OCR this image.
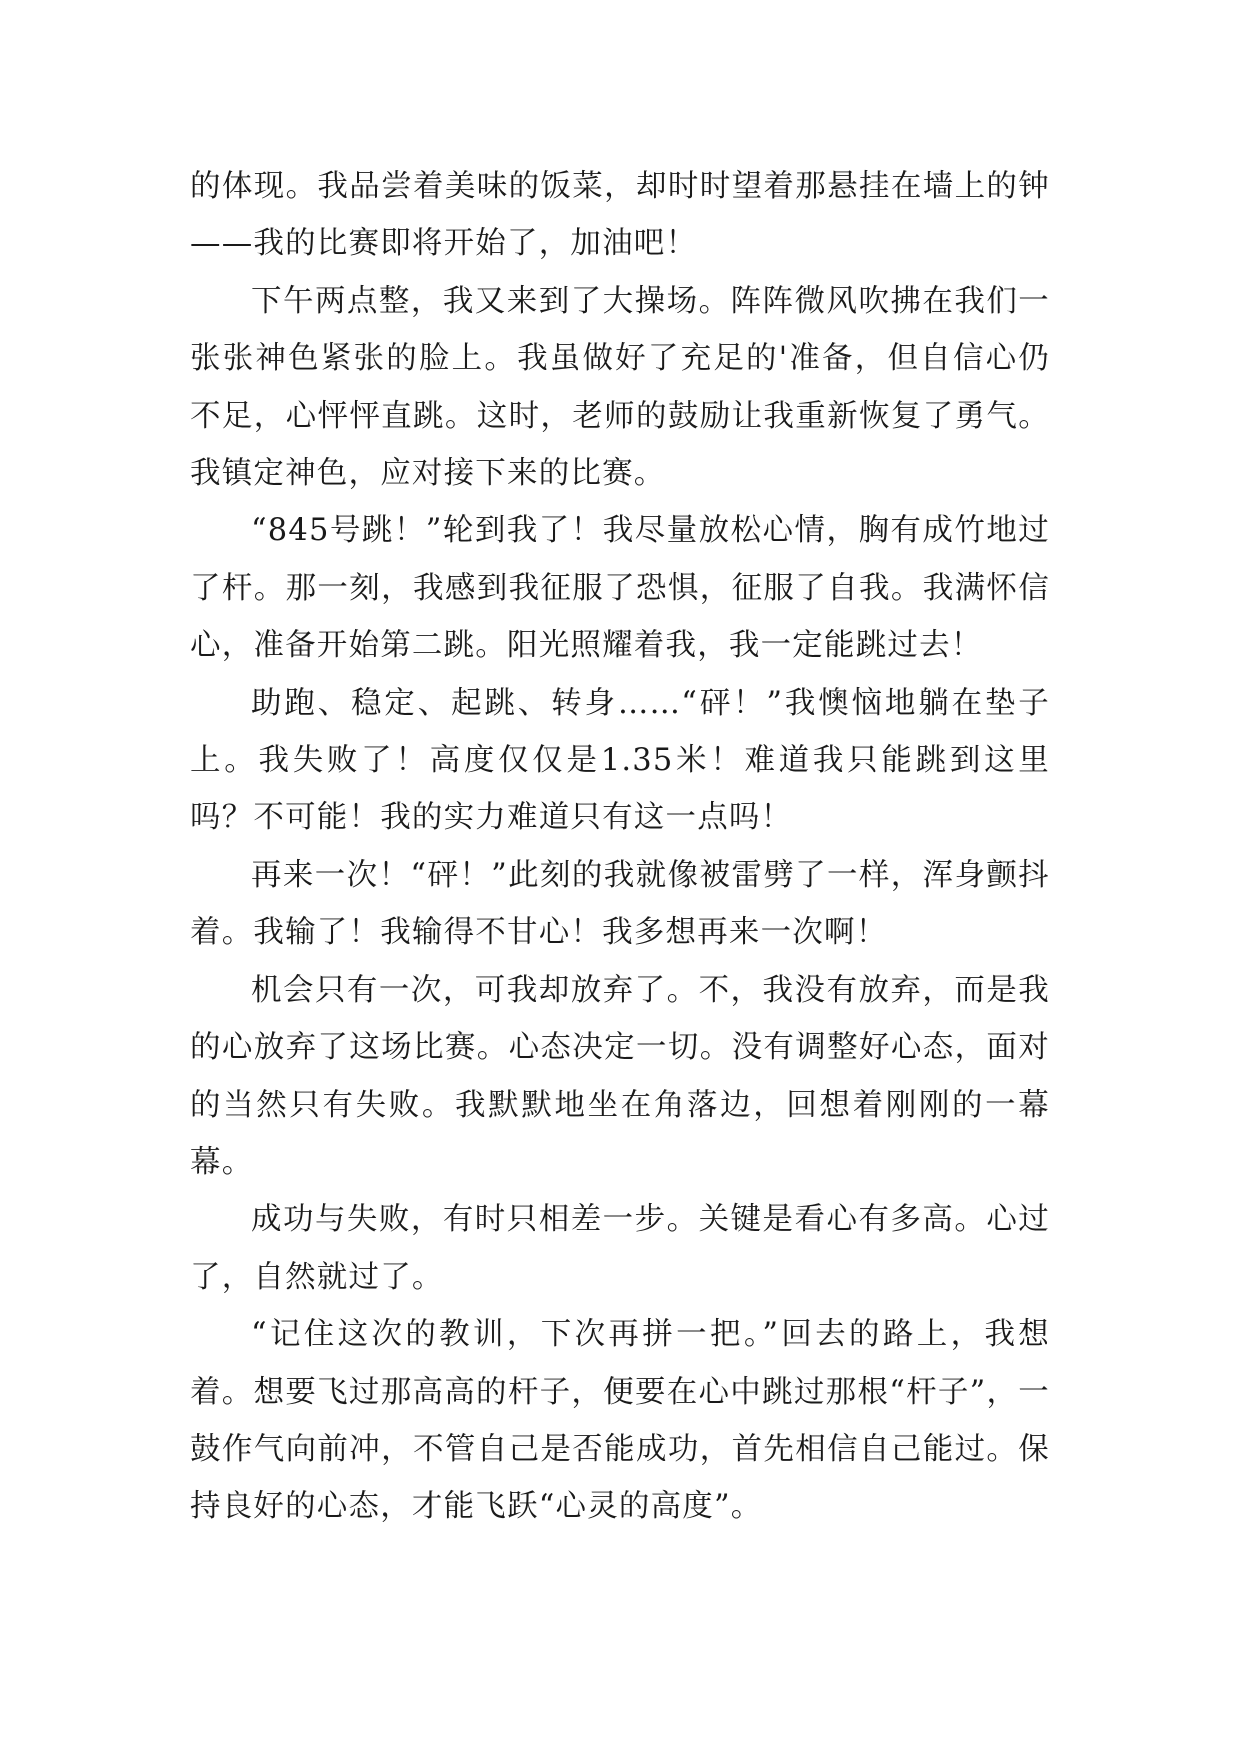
的体现。我品尝着美味的饭菜，却时时望着那悬挂在墙上的钟——我的比赛即将开始了，加油吧！

下午两点整，我又来到了大操场。阵阵微风吹拂在我们一张张神色紧张的脸上。我虽做好了充足的'准备，但自信心仍不足，心怦怦直跳。这时，老师的鼓励让我重新恢复了勇气。我镇定神色，应对接下来的比赛。

“845号跳！”轮到我了！我尽量放松心情，胸有成竹地过了杆。那一刻，我感到我征服了恐惧，征服了自我。我满怀信心，准备开始第二跳。阳光照耀着我，我一定能跳过去！

助跑、稳定、起跳、转身……“砰！”我懊恼地躺在垫子上。我失败了！高度仅仅是1.35米！难道我只能跳到这里吗？不可能！我的实力难道只有这一点吗！

再来一次！“砰！”此刻的我就像被雷劈了一样，浑身颤抖着。我输了！我输得不甘心！我多想再来一次啊！

机会只有一次，可我却放弃了。不，我没有放弃，而是我的心放弃了这场比赛。心态决定一切。没有调整好心态，面对的当然只有失败。我默默地坐在角落边，回想着刚刚的一幕幕。

成功与失败，有时只相差一步。关键是看心有多高。心过了，自然就过了。

“记住这次的教训，下次再拼一把。”回去的路上，我想着。想要飞过那高高的杆子，便要在心中跳过那根“杆子”，一鼓作气向前冲，不管自己是否能成功，首先相信自己能过。保持良好的心态，才能飞跃“心灵的高度”。
